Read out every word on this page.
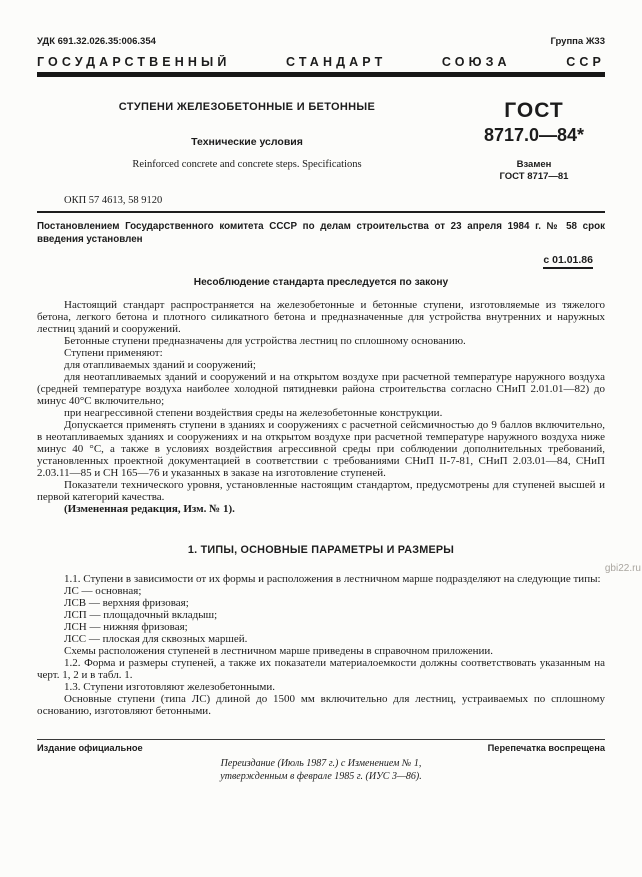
УДК 691.32.026.35:006.354	Группа Ж33
ГОСУДАРСТВЕННЫЙ СТАНДАРТ СОЮЗА ССР
СТУПЕНИ ЖЕЛЕЗОБЕТОННЫЕ И БЕТОННЫЕ
Технические условия
Reinforced concrete and concrete steps. Specifications
ГОСТ
8717.0—84*
Взамен
ГОСТ 8717—81
ОКП 57 4613, 58 9120

Постановлением Государственного комитета СССР по делам строительства от 23 апреля 1984 г. № 58 срок введения установлен

с 01.01.86
Несоблюдение стандарта преследуется по закону

Настоящий стандарт распространяется на железобетонные и бетонные ступени, изготовляемые из тяжелого бетона, легкого бетона и плотного силикатного бетона и предназначенные для устройства внутренних и наружных лестниц зданий и сооружений.

Бетонные ступени предназначены для устройства лестниц по сплошному основанию.

Ступени применяют:

для отапливаемых зданий и сооружений;

для неотапливаемых зданий и сооружений и на открытом воздухе при расчетной температуре наружного воздуха (средней температуре воздуха наиболее холодной пятидневки района строительства согласно СНиП 2.01.01—82) до минус 40°С включительно;

при неагрессивной степени воздействия среды на железобетонные конструкции.

Допускается применять ступени в зданиях и сооружениях с расчетной сейсмичностью до 9 баллов включительно, в неотапливаемых зданиях и сооружениях и на открытом воздухе при расчетной температуре наружного воздуха ниже минус 40 °С, а также в условиях воздействия агрессивной среды при соблюдении дополнительных требований, установленных проектной документацией в соответствии с требованиями СНиП II-7-81, СНиП 2.03.01—84, СНиП 2.03.11—85 и СН 165—76 и указанных в заказе на изготовление ступеней.

Показатели технического уровня, установленные настоящим стандартом, предусмотрены для ступеней высшей и первой категорий качества.

(Измененная редакция, Изм. № 1).

1. ТИПЫ, ОСНОВНЫЕ ПАРАМЕТРЫ И РАЗМЕРЫ

1.1. Ступени в зависимости от их формы и расположения в лестничном марше подразделяют на следующие типы:

ЛС — основная;

ЛСВ — верхняя фризовая;

ЛСП — площадочный вкладыш;

ЛСН — нижняя фризовая;

ЛСС — плоская для сквозных маршей.

Схемы расположения ступеней в лестничном марше приведены в справочном приложении.

1.2. Форма и размеры ступеней, а также их показатели материалоемкости должны соответствовать указанным на черт. 1, 2 и в табл. 1.

1.3. Ступени изготовляют железобетонными.

Основные ступени (типа ЛС) длиной до 1500 мм включительно для лестниц, устраиваемых по сплошному основанию, изготовляют бетонными.

Издание официальное	Перепечатка воспрещена
Переиздание (Июль 1987 г.) с Изменением № 1,
утвержденным в феврале 1985 г. (ИУС 3—86).
gbi22.ru
